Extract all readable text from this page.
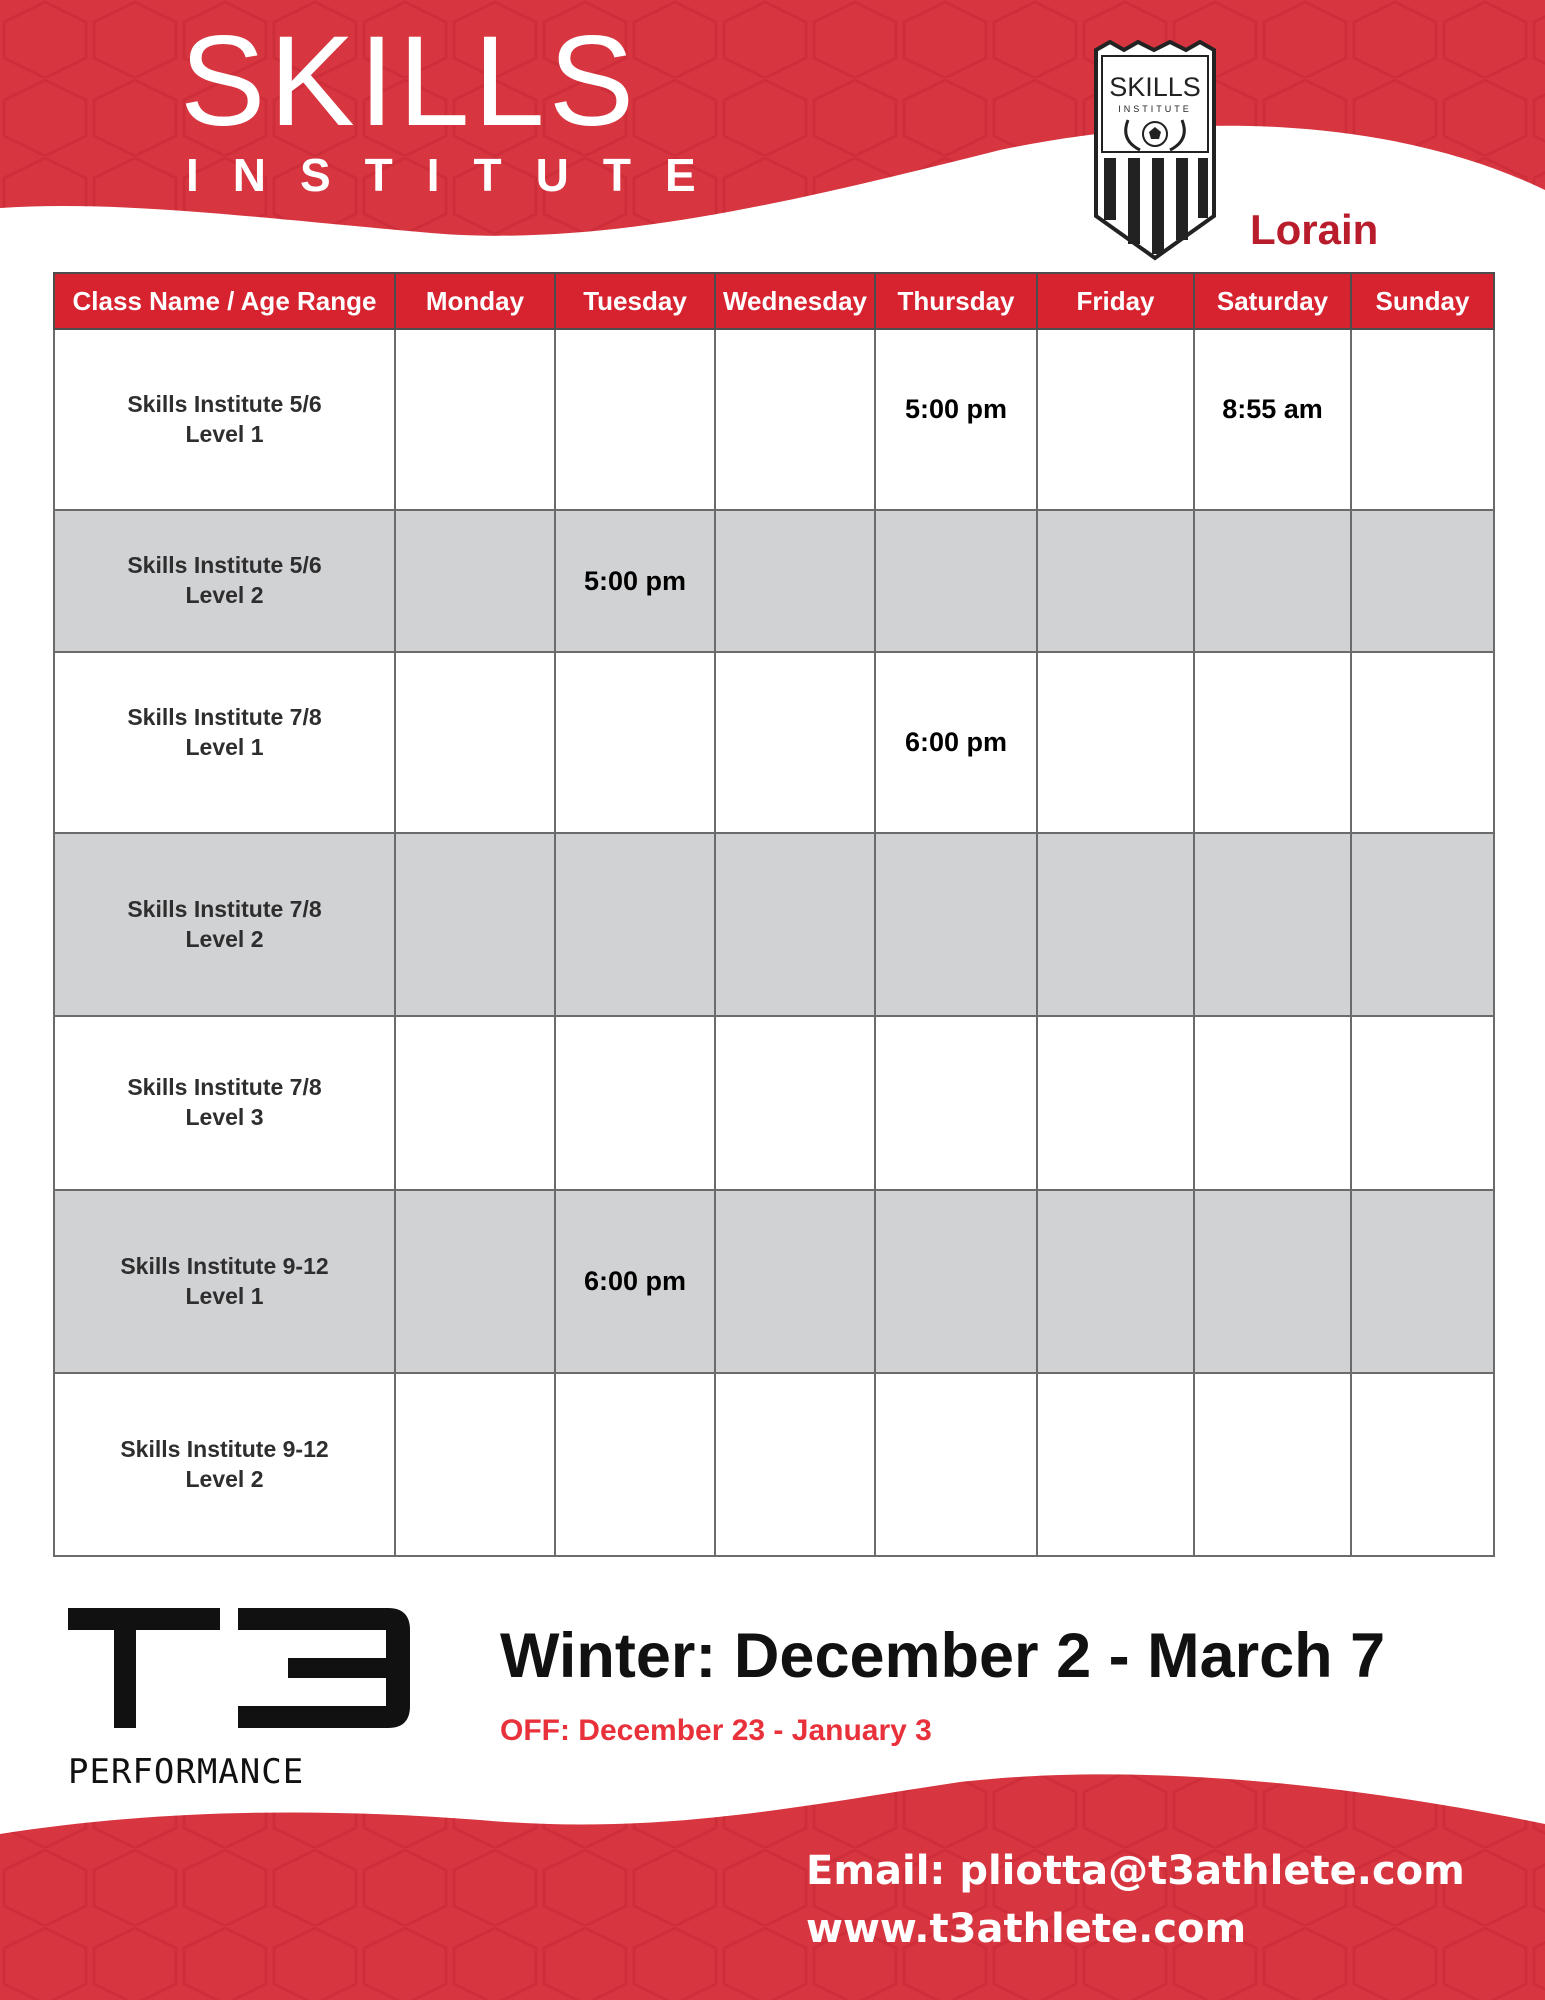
SKILLS
INSTITUTE
SKILLS
INSTITUTE
Lorain
Class Name / Age Range	Monday	Tuesday	Wednesday	Thursday	Friday	Saturday	Sunday

Skills Institute 5/6
Level 1				5:00 pm		8:55 am	

Skills Institute 5/6
Level 2		5:00 pm					

Skills Institute 7/8
Level 1				6:00 pm			

Skills Institute 7/8
Level 2							

Skills Institute 7/8
Level 3							

Skills Institute 9-12
Level 1		6:00 pm					

Skills Institute 9-12
Level 2							

PERFORMANCE
Winter: December 2 - March 7
OFF: December 23 - January 3
Email: pliotta@t3athlete.com
www.t3athlete.com
